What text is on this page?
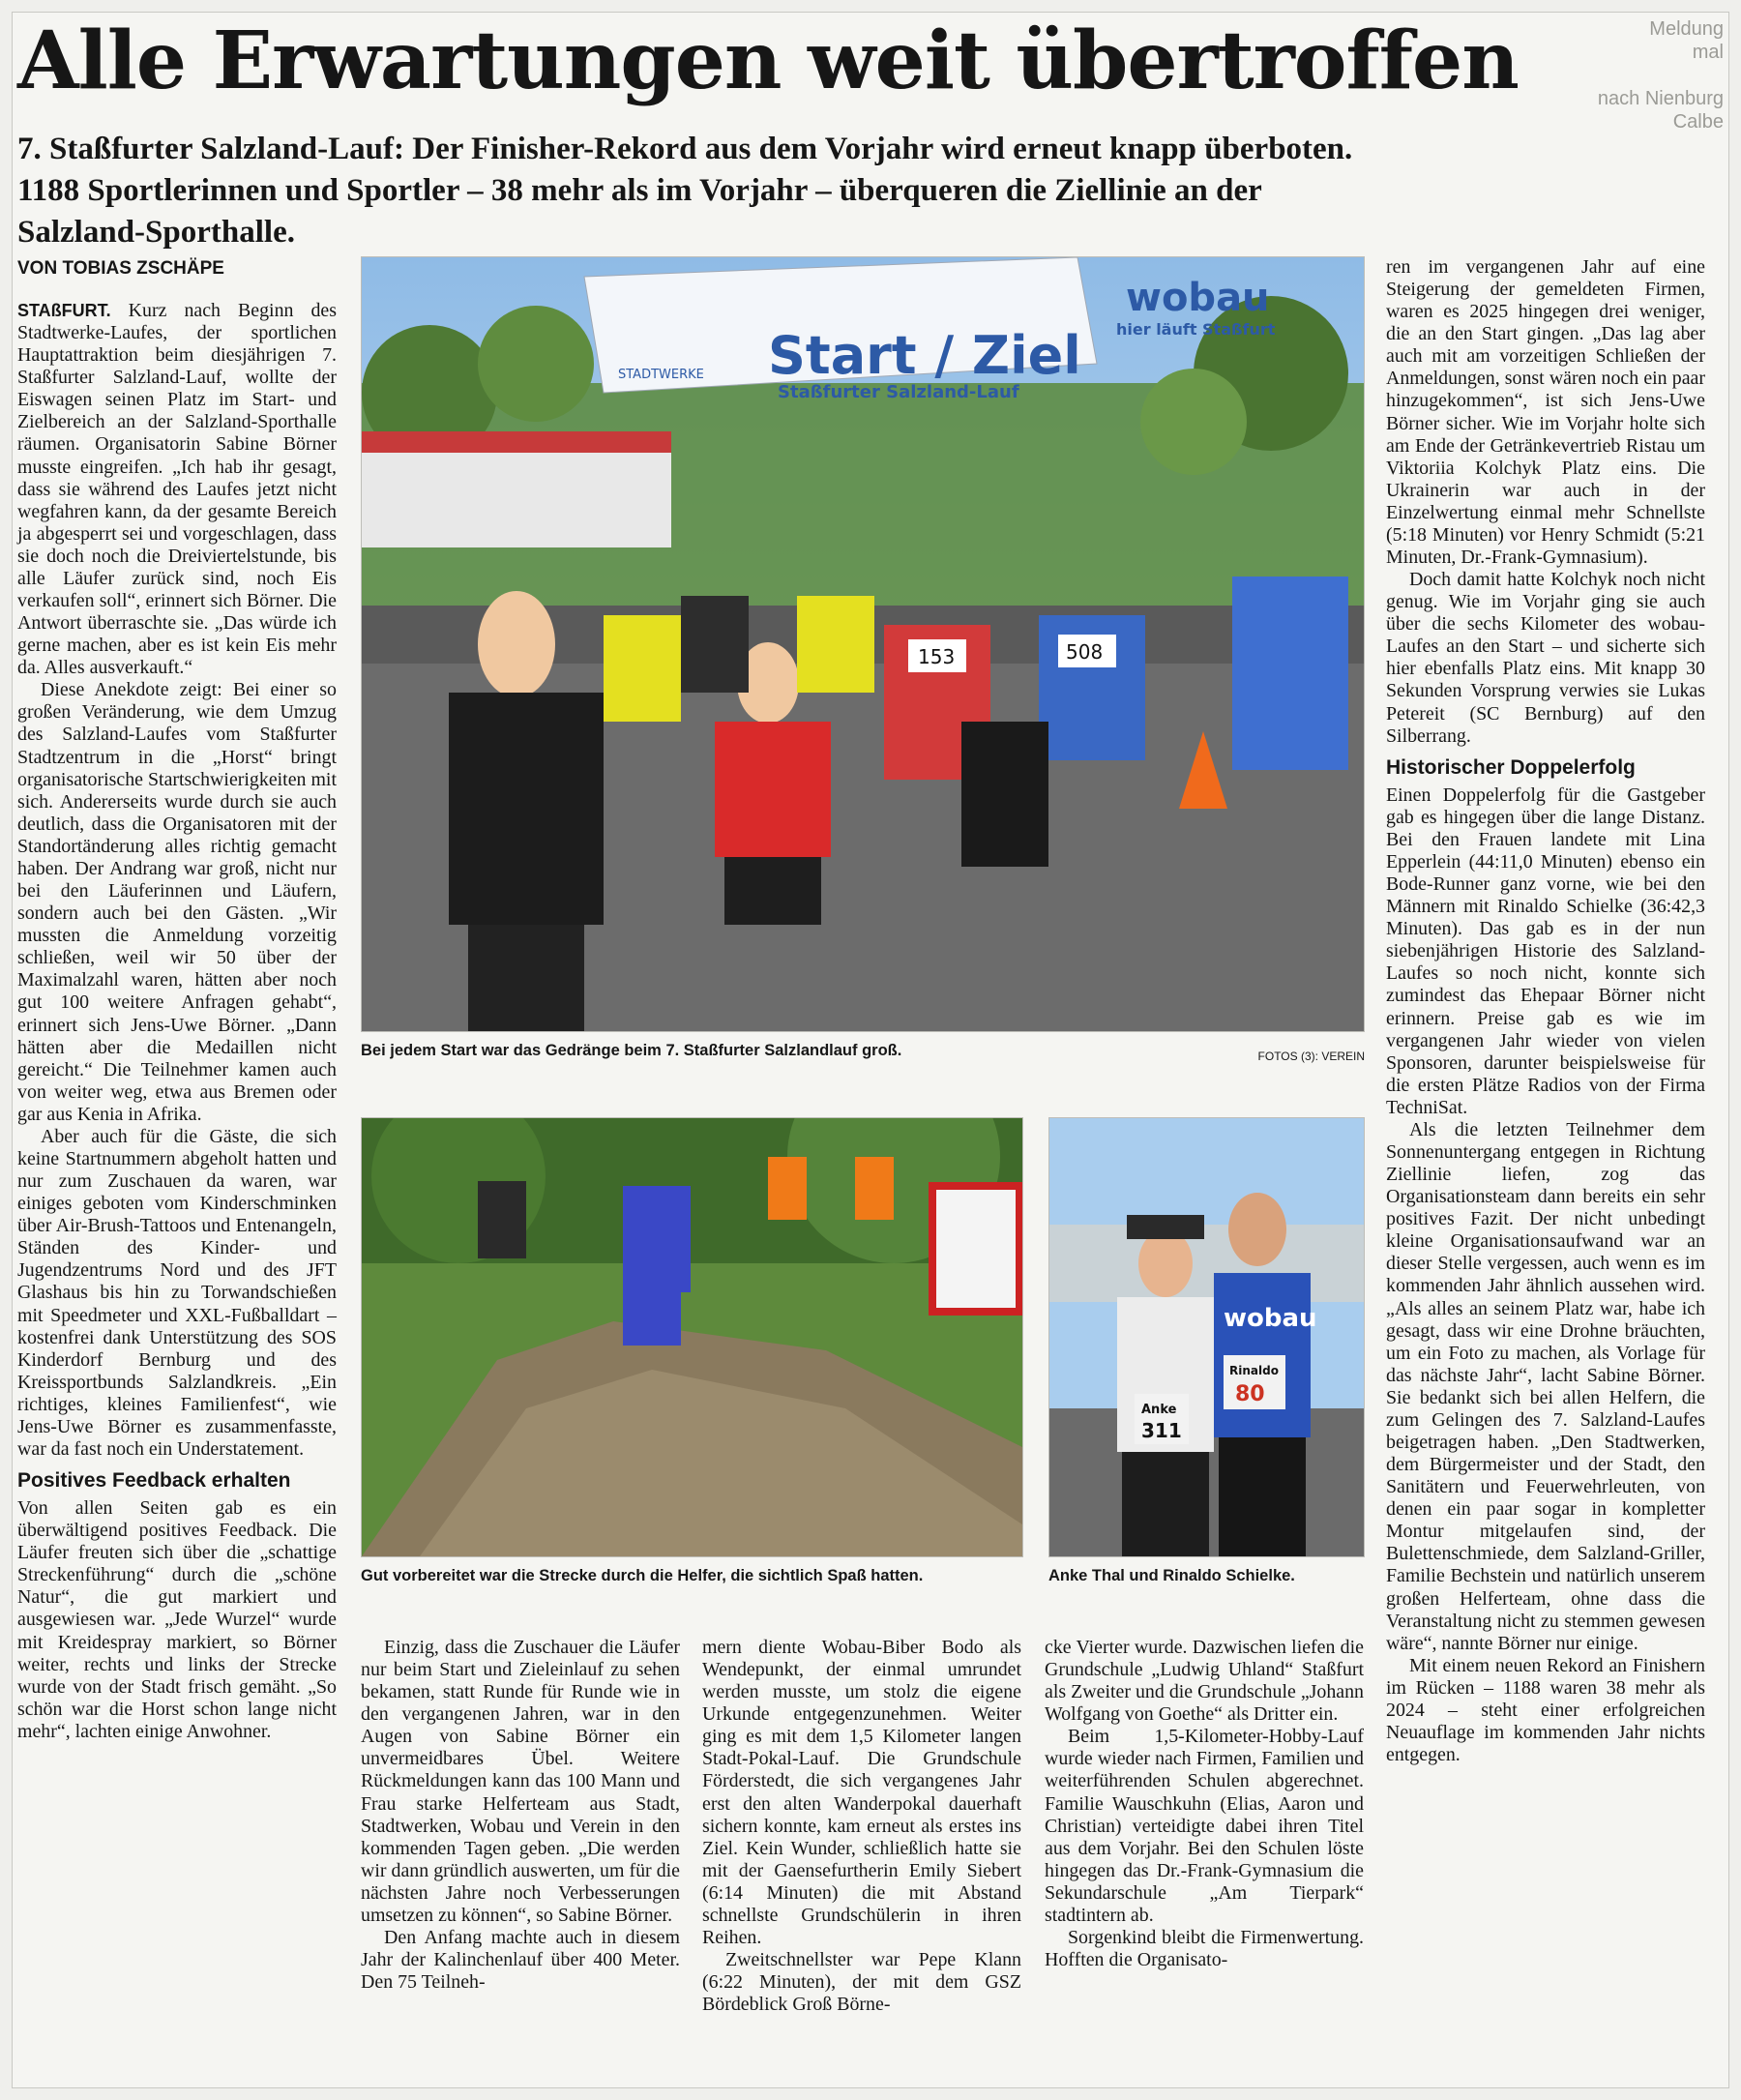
Alle Erwartungen weit übertroffen	Meldung
mal

nach Nienburg
Calbe

7. Staßfurter Salzland-Lauf: Der Finisher-Rekord aus dem Vorjahr wird erneut knapp überboten. 1188 Sportlerinnen und Sportler – 38 mehr als im Vorjahr – überqueren die Ziellinie an der Salzland-Sporthalle.
VON TOBIAS ZSCHÄPE

STAßFURT. Kurz nach Beginn des Stadtwerke-Laufes, der sportlichen Hauptattraktion beim diesjährigen 7. Staßfurter Salzland-Lauf, wollte der Eiswagen seinen Platz im Start- und Zielbereich an der Salzland-Sporthalle räumen. Organisatorin Sabine Börner musste eingreifen. „Ich hab ihr gesagt, dass sie während des Laufes jetzt nicht wegfahren kann, da der gesamte Bereich ja abgesperrt sei und vorgeschlagen, dass sie doch noch die Dreiviertelstunde, bis alle Läufer zurück sind, noch Eis verkaufen soll“, erinnert sich Börner. Die Antwort überraschte sie. „Das würde ich gerne machen, aber es ist kein Eis mehr da. Alles ausverkauft.“

Diese Anekdote zeigt: Bei einer so großen Veränderung, wie dem Umzug des Salzland-Laufes vom Staßfurter Stadtzentrum in die „Horst“ bringt organisatorische Startschwierigkeiten mit sich. Andererseits wurde durch sie auch deutlich, dass die Organisatoren mit der Standortänderung alles richtig gemacht haben. Der Andrang war groß, nicht nur bei den Läuferinnen und Läufern, sondern auch bei den Gästen. „Wir mussten die Anmeldung vorzeitig schließen, weil wir 50 über der Maximalzahl waren, hätten aber noch gut 100 weitere Anfragen gehabt“, erinnert sich Jens-Uwe Börner. „Dann hätten aber die Medaillen nicht gereicht.“ Die Teilnehmer kamen auch von weiter weg, etwa aus Bremen oder gar aus Kenia in Afrika.

Aber auch für die Gäste, die sich keine Startnummern abgeholt hatten und nur zum Zuschauen da waren, war einiges geboten vom Kinderschminken über Air-Brush-Tattoos und Entenangeln, Ständen des Kinder- und Jugendzentrums Nord und des JFT Glashaus bis hin zu Torwandschießen mit Speedmeter und XXL-Fußballdart – kostenfrei dank Unterstützung des SOS Kinderdorf Bernburg und des Kreissportbunds Salzlandkreis. „Ein richtiges, kleines Familienfest“, wie Jens-Uwe Börner es zusammenfasste, war da fast noch ein Understatement.

Positives Feedback erhalten

Von allen Seiten gab es ein überwältigend positives Feedback. Die Läufer freuten sich über die „schattige Streckenführung“ durch die „schöne Natur“, die gut markiert und ausgewiesen war. „Jede Wurzel“ wurde mit Kreidespray markiert, so Börner weiter, rechts und links der Strecke wurde von der Stadt frisch gemäht. „So schön war die Horst schon lange nicht mehr“, lachten einige Anwohner.

Start / Ziel
Staßfurter Salzland-Lauf
STADTWERKE
wobau
hier läuft Staßfurt
153	508
Bei jedem Start war das Gedränge beim 7. Staßfurter Salzlandlauf groß.	FOTOS (3): VEREIN
Gut vorbereitet war die Strecke durch die Helfer, die sichtlich Spaß hatten.
Anke
311
wobau
Rinaldo
80
Anke Thal und Rinaldo Schielke.

Einzig, dass die Zuschauer die Läufer nur beim Start und Zieleinlauf zu sehen bekamen, statt Runde für Runde wie in den vergangenen Jahren, war in den Augen von Sabine Börner ein unvermeidbares Übel. Weitere Rückmeldungen kann das 100 Mann und Frau starke Helferteam aus Stadt, Stadtwerken, Wobau und Verein in den kommenden Tagen geben. „Die werden wir dann gründlich auswerten, um für die nächsten Jahre noch Verbesserungen umsetzen zu können“, so Sabine Börner.

Den Anfang machte auch in diesem Jahr der Kalinchenlauf über 400 Meter. Den 75 Teilneh-

mern diente Wobau-Biber Bodo als Wendepunkt, der einmal umrundet werden musste, um stolz die eigene Urkunde entgegenzunehmen. Weiter ging es mit dem 1,5 Kilometer langen Stadt-Pokal-Lauf. Die Grundschule Förderstedt, die sich vergangenes Jahr erst den alten Wanderpokal dauerhaft sichern konnte, kam erneut als erstes ins Ziel. Kein Wunder, schließlich hatte sie mit der Gaensefurtherin Emily Siebert (6:14 Minuten) die mit Abstand schnellste Grundschülerin in ihren Reihen.

Zweitschnellster war Pepe Klann (6:22 Minuten), der mit dem GSZ Bördeblick Groß Börne-

cke Vierter wurde. Dazwischen liefen die Grundschule „Ludwig Uhland“ Staßfurt als Zweiter und die Grundschule „Johann Wolfgang von Goethe“ als Dritter ein.

Beim 1,5-Kilometer-Hobby-Lauf wurde wieder nach Firmen, Familien und weiterführenden Schulen abgerechnet. Familie Wauschkuhn (Elias, Aaron und Christian) verteidigte dabei ihren Titel aus dem Vorjahr. Bei den Schulen löste hingegen das Dr.-Frank-Gymnasium die Sekundarschule „Am Tierpark“ stadtintern ab.

Sorgenkind bleibt die Firmenwertung. Hofften die Organisato-

ren im vergangenen Jahr auf eine Steigerung der gemeldeten Firmen, waren es 2025 hingegen drei weniger, die an den Start gingen. „Das lag aber auch mit am vorzeitigen Schließen der Anmeldungen, sonst wären noch ein paar hinzugekommen“, ist sich Jens-Uwe Börner sicher. Wie im Vorjahr holte sich am Ende der Getränkevertrieb Ristau um Viktoriia Kolchyk Platz eins. Die Ukrainerin war auch in der Einzelwertung einmal mehr Schnellste (5:18 Minuten) vor Henry Schmidt (5:21 Minuten, Dr.-Frank-Gymnasium).

Doch damit hatte Kolchyk noch nicht genug. Wie im Vorjahr ging sie auch über die sechs Kilometer des wobau-Laufes an den Start – und sicherte sich hier ebenfalls Platz eins. Mit knapp 30 Sekunden Vorsprung verwies sie Lukas Petereit (SC Bernburg) auf den Silberrang.

Historischer Doppelerfolg

Einen Doppelerfolg für die Gastgeber gab es hingegen über die lange Distanz. Bei den Frauen landete mit Lina Epperlein (44:11,0 Minuten) ebenso ein Bode-Runner ganz vorne, wie bei den Männern mit Rinaldo Schielke (36:42,3 Minuten). Das gab es in der nun siebenjährigen Historie des Salzland-Laufes so noch nicht, konnte sich zumindest das Ehepaar Börner nicht erinnern. Preise gab es wie im vergangenen Jahr wieder von vielen Sponsoren, darunter beispielsweise für die ersten Plätze Radios von der Firma TechniSat.

Als die letzten Teilnehmer dem Sonnenuntergang entgegen in Richtung Ziellinie liefen, zog das Organisationsteam dann bereits ein sehr positives Fazit. Der nicht unbedingt kleine Organisationsaufwand war an dieser Stelle vergessen, auch wenn es im kommenden Jahr ähnlich aussehen wird. „Als alles an seinem Platz war, habe ich gesagt, dass wir eine Drohne bräuchten, um ein Foto zu machen, als Vorlage für das nächste Jahr“, lacht Sabine Börner. Sie bedankt sich bei allen Helfern, die zum Gelingen des 7. Salzland-Laufes beigetragen haben. „Den Stadtwerken, dem Bürgermeister und der Stadt, den Sanitätern und Feuerwehrleuten, von denen ein paar sogar in kompletter Montur mitgelaufen sind, der Bulettenschmiede, dem Salzland-Griller, Familie Bechstein und natürlich unserem großen Helferteam, ohne dass die Veranstaltung nicht zu stemmen gewesen wäre“, nannte Börner nur einige.

Mit einem neuen Rekord an Finishern im Rücken – 1188 waren 38 mehr als 2024 – steht einer erfolgreichen Neuauflage im kommenden Jahr nichts entgegen.
